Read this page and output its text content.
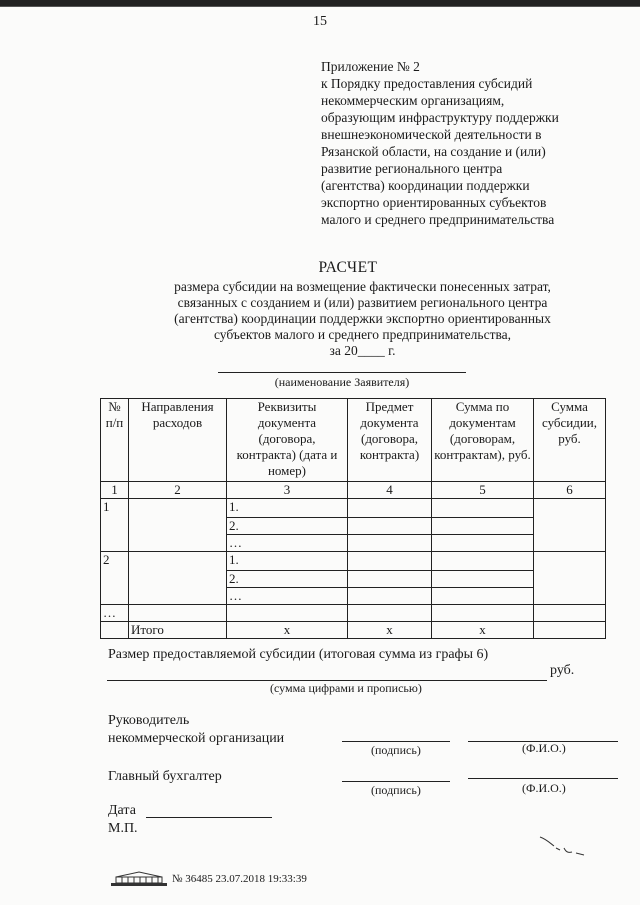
15
Приложение № 2
к Порядку предоставления субсидий
некоммерческим организациям,
образующим инфраструктуру поддержки
внешнеэкономической деятельности в
Рязанской области, на создание и (или)
развитие регионального центра
(агентства) координации поддержки
экспортно ориентированных субъектов
малого и среднего предпринимательства
РАСЧЕТ
размера субсидии на возмещение фактически понесенных затрат,
связанных с созданием и (или) развитием регионального центра
(агентства) координации поддержки экспортно ориентированных
субъектов малого и среднего предпринимательства,
за 20____ г.
(наименование Заявителя)
№ п/п	Направления расходов	Реквизиты документа (договора, контракта) (дата и номер)	Предмет документа (договора, контракта)	Сумма по документам (договорам, контрактам), руб.	Сумма субсидии, руб.
1	2	3	4	5	6
1		1.			
		2.			
		…			
2		1.			
		2.			
		…			
…					
	Итого	x	x	x	
Размер предоставляемой субсидии (итоговая сумма из графы 6)
руб.
(сумма цифрами и прописью)
Руководитель
некоммерческой организации
(подпись)	(Ф.И.О.)
Главный бухгалтер
(подпись)	(Ф.И.О.)
Дата
М.П.
№ 36485 23.07.2018 19:33:39
